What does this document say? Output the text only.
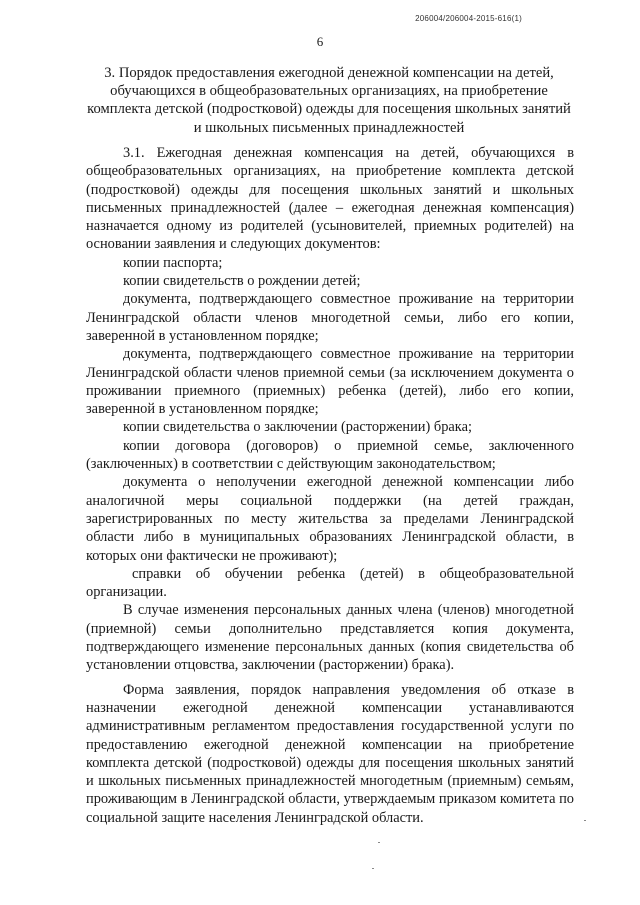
206004/206004-2015-616(1)
6
3. Порядок предоставления ежегодной денежной компенсации на детей, обучающихся в общеобразовательных организациях, на приобретение комплекта детской (подростковой) одежды для посещения школьных занятий и школьных письменных принадлежностей

3.1. Ежегодная денежная компенсация на детей, обучающихся в общеобразовательных организациях, на приобретение комплекта детской (подростковой) одежды для посещения школьных занятий и школьных письменных принадлежностей (далее – ежегодная денежная компенсация) назначается одному из родителей (усыновителей, приемных родителей) на основании заявления и следующих документов:

копии паспорта;

копии свидетельств о рождении детей;

документа, подтверждающего совместное проживание на территории Ленинградской области членов многодетной семьи, либо его копии, заверенной в установленном порядке;

документа, подтверждающего совместное проживание на территории Ленинградской области членов приемной семьи (за исключением документа о проживании приемного (приемных) ребенка (детей), либо его копии, заверенной в установленном порядке;

копии свидетельства о заключении (расторжении) брака;

копии договора (договоров) о приемной семье, заключенного (заключенных) в соответствии с действующим законодательством;

документа о неполучении ежегодной денежной компенсации либо аналогичной меры социальной поддержки (на детей граждан, зарегистрированных по месту жительства за пределами Ленинградской области либо в муниципальных образованиях Ленинградской области, в которых они фактически не проживают);

справки об обучении ребенка (детей) в общеобразовательной организации.

В случае изменения персональных данных члена (членов) многодетной (приемной) семьи дополнительно представляется копия документа, подтверждающего изменение персональных данных (копия свидетельства об установлении отцовства, заключении (расторжении) брака).

Форма заявления, порядок направления уведомления об отказе в назначении ежегодной денежной компенсации устанавливаются административным регламентом предоставления государственной услуги по предоставлению ежегодной денежной компенсации на приобретение комплекта детской (подростковой) одежды для посещения школьных занятий и школьных письменных принадлежностей многодетным (приемным) семьям, проживающим в Ленинградской области, утверждаемым приказом комитета по социальной защите населения Ленинградской области.
